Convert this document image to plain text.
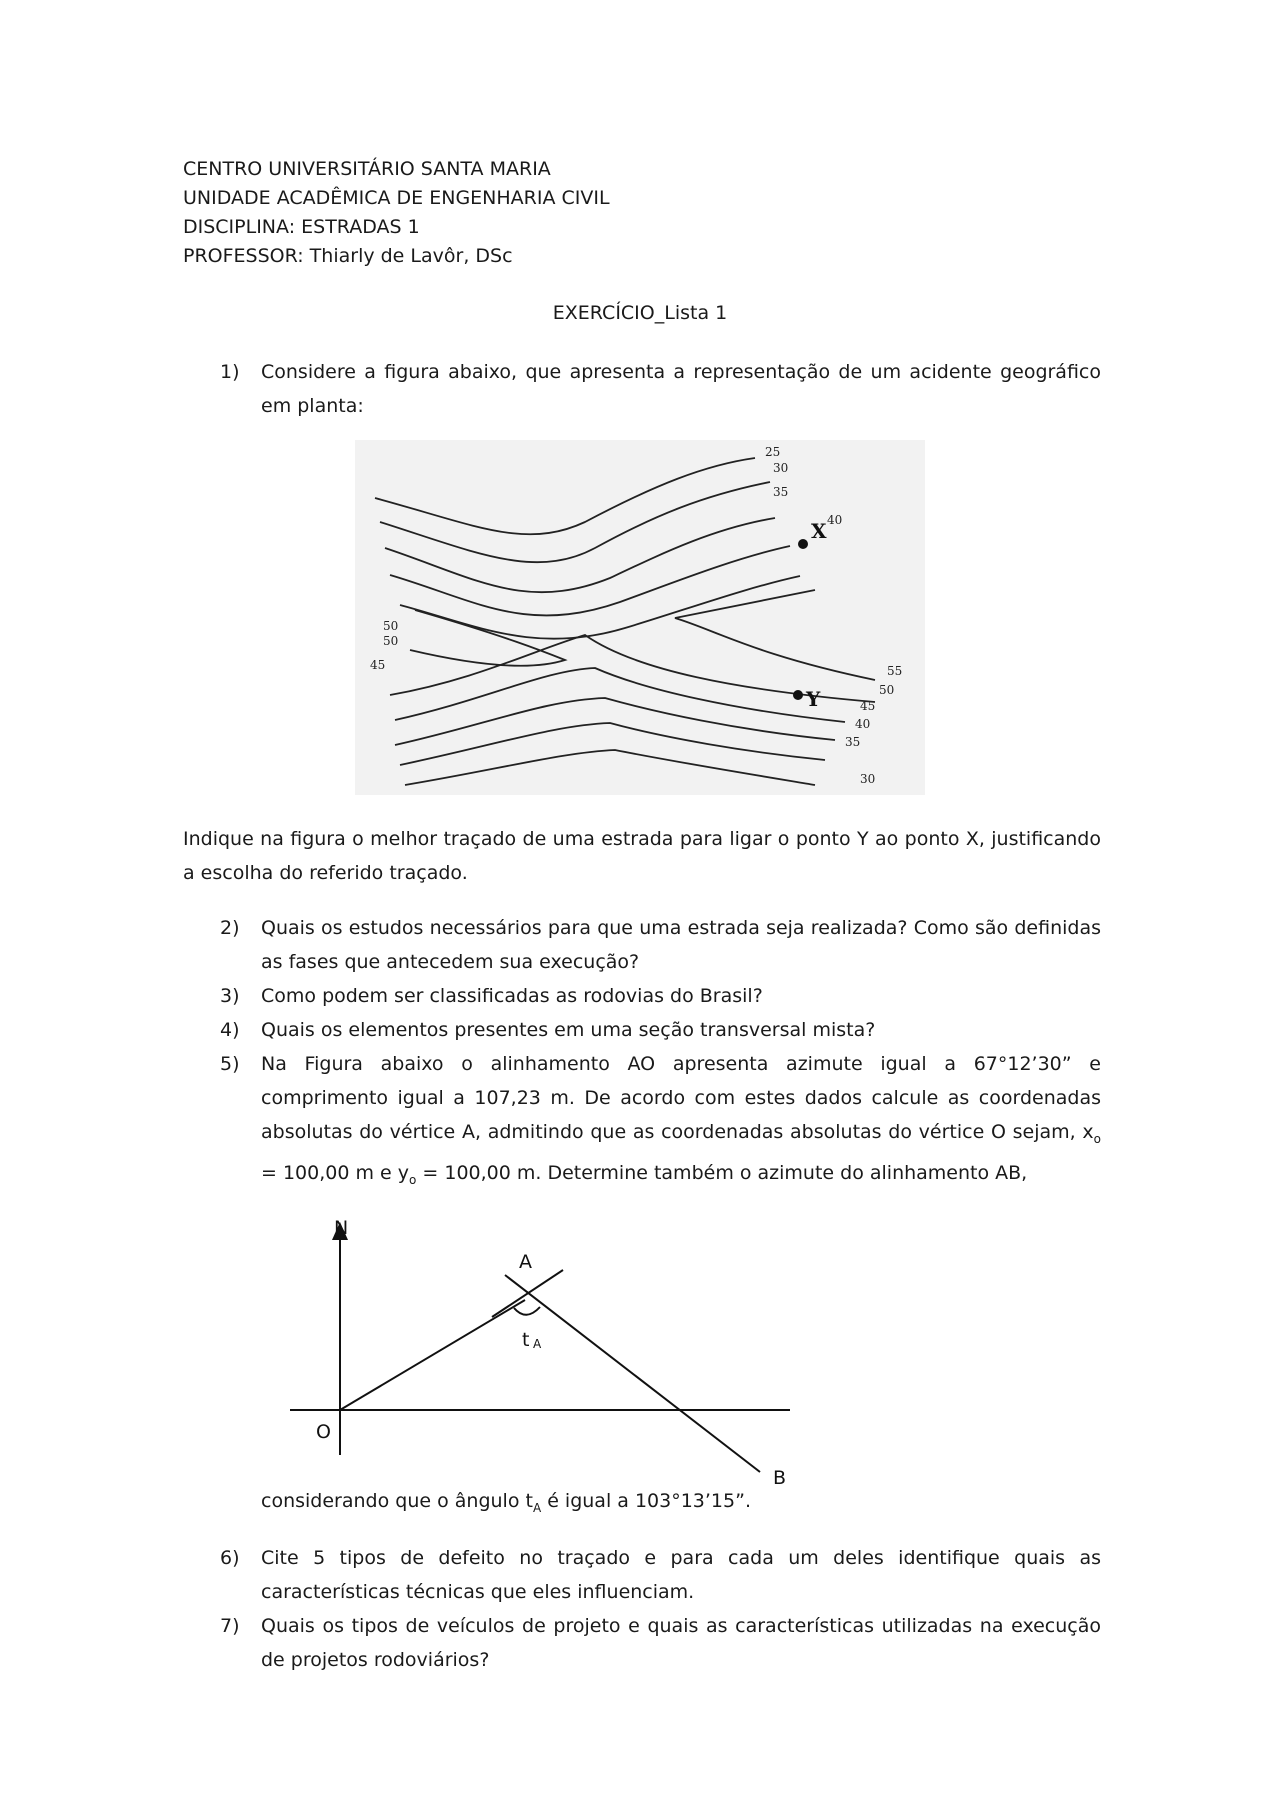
CENTRO UNIVERSITÁRIO SANTA MARIA
UNIDADE ACADÊMICA DE ENGENHARIA CIVIL
DISCIPLINA: ESTRADAS 1
PROFESSOR: Thiarly de Lavôr, DSc
EXERCÍCIO_Lista 1
1) Considere a figura abaixo, que apresenta a representação de um acidente geográfico em planta:
25
30
35
40
55
50
45
40
35
30
50
50
45
X
Y
Indique na figura o melhor traçado de uma estrada para ligar o ponto Y ao ponto X, justificando a escolha do referido traçado.
2) Quais os estudos necessários para que uma estrada seja realizada? Como são definidas as fases que antecedem sua execução?
3) Como podem ser classificadas as rodovias do Brasil?
4) Quais os elementos presentes em uma seção transversal mista?
5) Na Figura abaixo o alinhamento AO apresenta azimute igual a 67°12’30” e comprimento igual a 107,23 m. De acordo com estes dados calcule as coordenadas absolutas do vértice A, admitindo que as coordenadas absolutas do vértice O sejam, $x_o = 100,00$ m e $y_o = 100,00$ m. Determine também o azimute do alinhamento AB,
N
A
O
B
t A
considerando que o ângulo $t_A$ é igual a 103°13’15”.
6) Cite 5 tipos de defeito no traçado e para cada um deles identifique quais as características técnicas que eles influenciam.
7) Quais os tipos de veículos de projeto e quais as características utilizadas na execução de projetos rodoviários?
